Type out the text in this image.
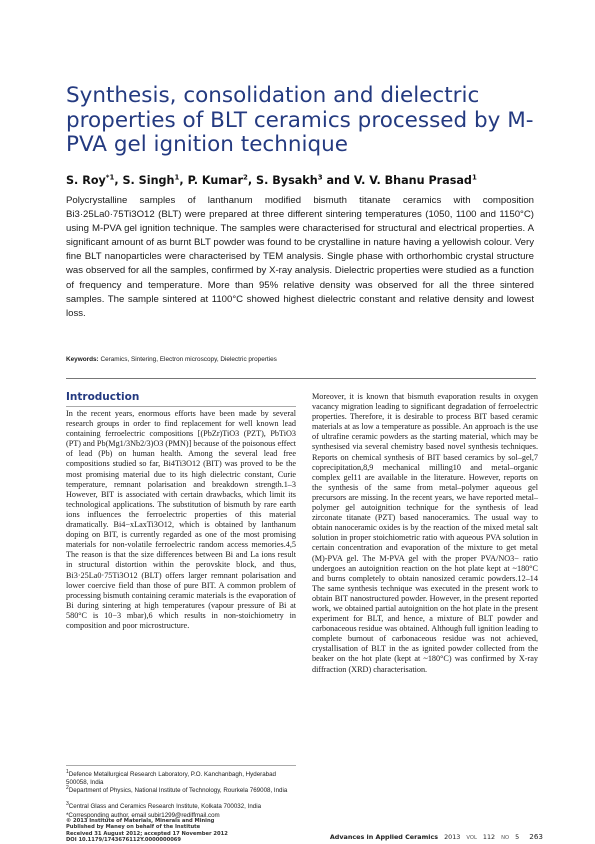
Synthesis, consolidation and dielectric properties of BLT ceramics processed by M-PVA gel ignition technique
S. Roy$^{*1}$, S. Singh$^1$, P. Kumar$^2$, S. Bysakh$^3$ and V. V. Bhanu Prasad$^1$

Polycrystalline samples of lanthanum modified bismuth titanate ceramics with composition Bi3·25La0·75Ti3O12 (BLT) were prepared at three different sintering temperatures (1050, 1100 and 1150°C) using M-PVA gel ignition technique. The samples were characterised for structural and electrical properties. A significant amount of as burnt BLT powder was found to be crystalline in nature having a yellowish colour. Very fine BLT nanoparticles were characterised by TEM analysis. Single phase with orthorhombic crystal structure was observed for all the samples, confirmed by X-ray analysis. Dielectric properties were studied as a function of frequency and temperature. More than 95% relative density was observed for all the three sintered samples. The sample sintered at 1100°C showed highest dielectric constant and relative density and lowest loss.

Keywords: Ceramics, Sintering, Electron microscopy, Dielectric properties
Introduction

In the recent years, enormous efforts have been made by several research groups in order to find replacement for well known lead containing ferroelectric compositions [(PbZr)TiO3 (PZT), PbTiO3 (PT) and Pb(Mg1/3Nb2/3)O3 (PMN)] because of the poisonous effect of lead (Pb) on human health. Among the several lead free compositions studied so far, Bi4Ti3O12 (BIT) was proved to be the most promising material due to its high dielectric constant, Curie temperature, remnant polarisation and breakdown strength.1–3 However, BIT is associated with certain drawbacks, which limit its technological applications. The substitution of bismuth by rare earth ions influences the ferroelectric properties of this material dramatically. Bi4−xLaxTi3O12, which is obtained by lanthanum doping on BIT, is currently regarded as one of the most promising materials for non-volatile ferroelectric random access memories.4,5 The reason is that the size differences between Bi and La ions result in structural distortion within the perovskite block, and thus, Bi3·25La0·75Ti3O12 (BLT) offers larger remnant polarisation and lower coercive field than those of pure BIT. A common problem of processing bismuth containing ceramic materials is the evaporation of Bi during sintering at high temperatures (vapour pressure of Bi at 580°C is 10−3 mbar),6 which results in non-stoichiometry in composition and poor microstructure.

Moreover, it is known that bismuth evaporation results in oxygen vacancy migration leading to significant degradation of ferroelectric properties. Therefore, it is desirable to process BIT based ceramic materials at as low a temperature as possible. An approach is the use of ultrafine ceramic powders as the starting material, which may be synthesised via several chemistry based novel synthesis techniques. Reports on chemical synthesis of BIT based ceramics by sol–gel,7 coprecipitation,8,9 mechanical milling10 and metal–organic complex gel11 are available in the literature. However, reports on the synthesis of the same from metal–polymer aqueous gel precursors are missing. In the recent years, we have reported metal–polymer gel autoignition technique for the synthesis of lead zirconate titanate (PZT) based nanoceramics. The usual way to obtain nanoceramic oxides is by the reaction of the mixed metal salt solution in proper stoichiometric ratio with aqueous PVA solution in certain concentration and evaporation of the mixture to get metal (M)-PVA gel. The M-PVA gel with the proper PVA/NO3− ratio undergoes an autoignition reaction on the hot plate kept at ~180°C and burns completely to obtain nanosized ceramic powders.12–14 The same synthesis technique was executed in the present work to obtain BIT nanostructured powder. However, in the present reported work, we obtained partial autoignition on the hot plate in the present experiment for BLT, and hence, a mixture of BLT powder and carbonaceous residue was obtained. Although full ignition leading to complete burnout of carbonaceous residue was not achieved, crystallisation of BLT in the as ignited powder collected from the beaker on the hot plate (kept at ~180°C) was confirmed by X-ray diffraction (XRD) characterisation.

$^1$Defence Metallurgical Research Laboratory, P.O. Kanchanbagh, Hyderabad 500058, India

$^2$Department of Physics, National Institute of Technology, Rourkela 769008, India

$^3$Central Glass and Ceramics Research Institute, Kolkata 700032, India

*Corresponding author, email subir1299@rediffmail.com

© 2013 Institute of Materials, Minerals and Mining

Published by Maney on behalf of the Institute

Received 31 August 2012; accepted 17 November 2012

DOI 10.1179/1743676112Y.0000000069	Advances in Applied Ceramics 2013 VOL 112 NO 5 263
